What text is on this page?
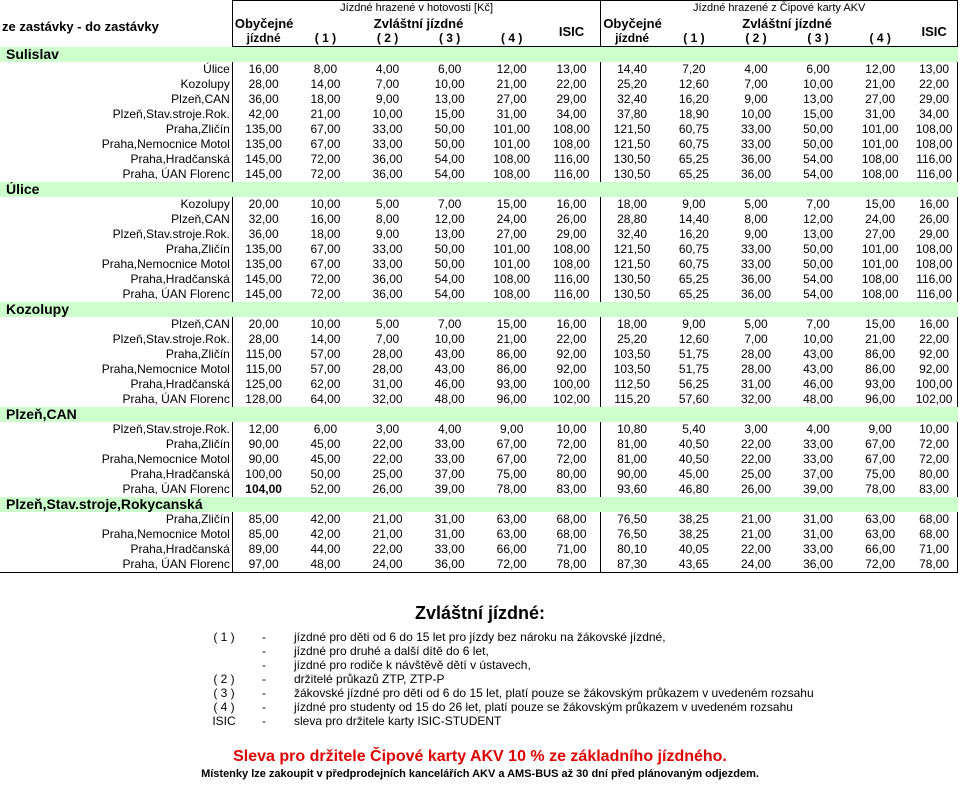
ze zastávky - do zastávky	Jízdné hrazené v hotovosti [Kč]						Jízdné hrazené z Čipové karty AKV					
	Obyčejné	Zvláštní jízdné				ISIC	Obyčejné	Zvláštní jízdné				ISIC
	jízdné	( 1 )	( 2 )	( 3 )	( 4 )		jízdné	( 1 )	( 2 )	( 3 )	( 4 )	
Sulislav												
Úlice	16,00	8,00	4,00	6,00	12,00	13,00	14,40	7,20	4,00	6,00	12,00	13,00
Kozolupy	28,00	14,00	7,00	10,00	21,00	22,00	25,20	12,60	7,00	10,00	21,00	22,00
Plzeň,CAN	36,00	18,00	9,00	13,00	27,00	29,00	32,40	16,20	9,00	13,00	27,00	29,00
Plzeň,Stav.stroje.Rok.	42,00	21,00	10,00	15,00	31,00	34,00	37,80	18,90	10,00	15,00	31,00	34,00
Praha,Zličín	135,00	67,00	33,00	50,00	101,00	108,00	121,50	60,75	33,00	50,00	101,00	108,00
Praha,Nemocnice Motol	135,00	67,00	33,00	50,00	101,00	108,00	121,50	60,75	33,00	50,00	101,00	108,00
Praha,Hradčanská	145,00	72,00	36,00	54,00	108,00	116,00	130,50	65,25	36,00	54,00	108,00	116,00
Praha, ÚAN Florenc	145,00	72,00	36,00	54,00	108,00	116,00	130,50	65,25	36,00	54,00	108,00	116,00
Úlice												
Kozolupy	20,00	10,00	5,00	7,00	15,00	16,00	18,00	9,00	5,00	7,00	15,00	16,00
Plzeň,CAN	32,00	16,00	8,00	12,00	24,00	26,00	28,80	14,40	8,00	12,00	24,00	26,00
Plzeň,Stav.stroje.Rok.	36,00	18,00	9,00	13,00	27,00	29,00	32,40	16,20	9,00	13,00	27,00	29,00
Praha,Zličín	135,00	67,00	33,00	50,00	101,00	108,00	121,50	60,75	33,00	50,00	101,00	108,00
Praha,Nemocnice Motol	135,00	67,00	33,00	50,00	101,00	108,00	121,50	60,75	33,00	50,00	101,00	108,00
Praha,Hradčanská	145,00	72,00	36,00	54,00	108,00	116,00	130,50	65,25	36,00	54,00	108,00	116,00
Praha, ÚAN Florenc	145,00	72,00	36,00	54,00	108,00	116,00	130,50	65,25	36,00	54,00	108,00	116,00
Kozolupy												
Plzeň,CAN	20,00	10,00	5,00	7,00	15,00	16,00	18,00	9,00	5,00	7,00	15,00	16,00
Plzeň,Stav.stroje.Rok.	28,00	14,00	7,00	10,00	21,00	22,00	25,20	12,60	7,00	10,00	21,00	22,00
Praha,Zličín	115,00	57,00	28,00	43,00	86,00	92,00	103,50	51,75	28,00	43,00	86,00	92,00
Praha,Nemocnice Motol	115,00	57,00	28,00	43,00	86,00	92,00	103,50	51,75	28,00	43,00	86,00	92,00
Praha,Hradčanská	125,00	62,00	31,00	46,00	93,00	100,00	112,50	56,25	31,00	46,00	93,00	100,00
Praha, ÚAN Florenc	128,00	64,00	32,00	48,00	96,00	102,00	115,20	57,60	32,00	48,00	96,00	102,00
Plzeň,CAN												
Plzeň,Stav.stroje.Rok.	12,00	6,00	3,00	4,00	9,00	10,00	10,80	5,40	3,00	4,00	9,00	10,00
Praha,Zličín	90,00	45,00	22,00	33,00	67,00	72,00	81,00	40,50	22,00	33,00	67,00	72,00
Praha,Nemocnice Motol	90,00	45,00	22,00	33,00	67,00	72,00	81,00	40,50	22,00	33,00	67,00	72,00
Praha,Hradčanská	100,00	50,00	25,00	37,00	75,00	80,00	90,00	45,00	25,00	37,00	75,00	80,00
Praha, ÚAN Florenc	104,00	52,00	26,00	39,00	78,00	83,00	93,60	46,80	26,00	39,00	78,00	83,00
Plzeň,Stav.stroje,Rokycanská												
Praha,Zličín	85,00	42,00	21,00	31,00	63,00	68,00	76,50	38,25	21,00	31,00	63,00	68,00
Praha,Nemocnice Motol	85,00	42,00	21,00	31,00	63,00	68,00	76,50	38,25	21,00	31,00	63,00	68,00
Praha,Hradčanská	89,00	44,00	22,00	33,00	66,00	71,00	80,10	40,05	22,00	33,00	66,00	71,00
Praha, ÚAN Florenc	97,00	48,00	24,00	36,00	72,00	78,00	87,30	43,65	24,00	36,00	72,00	78,00
Zvláštní jízdné:
( 1 )	-	jízdné pro děti od 6 do 15 let pro jízdy bez nároku na žákovské jízdné,
	-	jízdné pro druhé a další dítě do 6 let,
	-	jízdné pro rodiče k návštěvě dětí v ústavech,
( 2 )	-	držitelé průkazů ZTP, ZTP-P
( 3 )	-	žákovské jízdné pro děti od 6 do 15 let, platí pouze se žákovským průkazem v uvedeném rozsahu
( 4 )	-	jízdné pro studenty od 15 do 26 let, platí pouze se žákovským průkazem v uvedeném rozsahu
ISIC	-	sleva pro držitele karty ISIC-STUDENT
Sleva pro držitele Čipové karty AKV 10 % ze základního jízdného.
Místenky lze zakoupit v předprodejních kancelářích AKV a AMS-BUS až 30 dní před plánovaným odjezdem.
